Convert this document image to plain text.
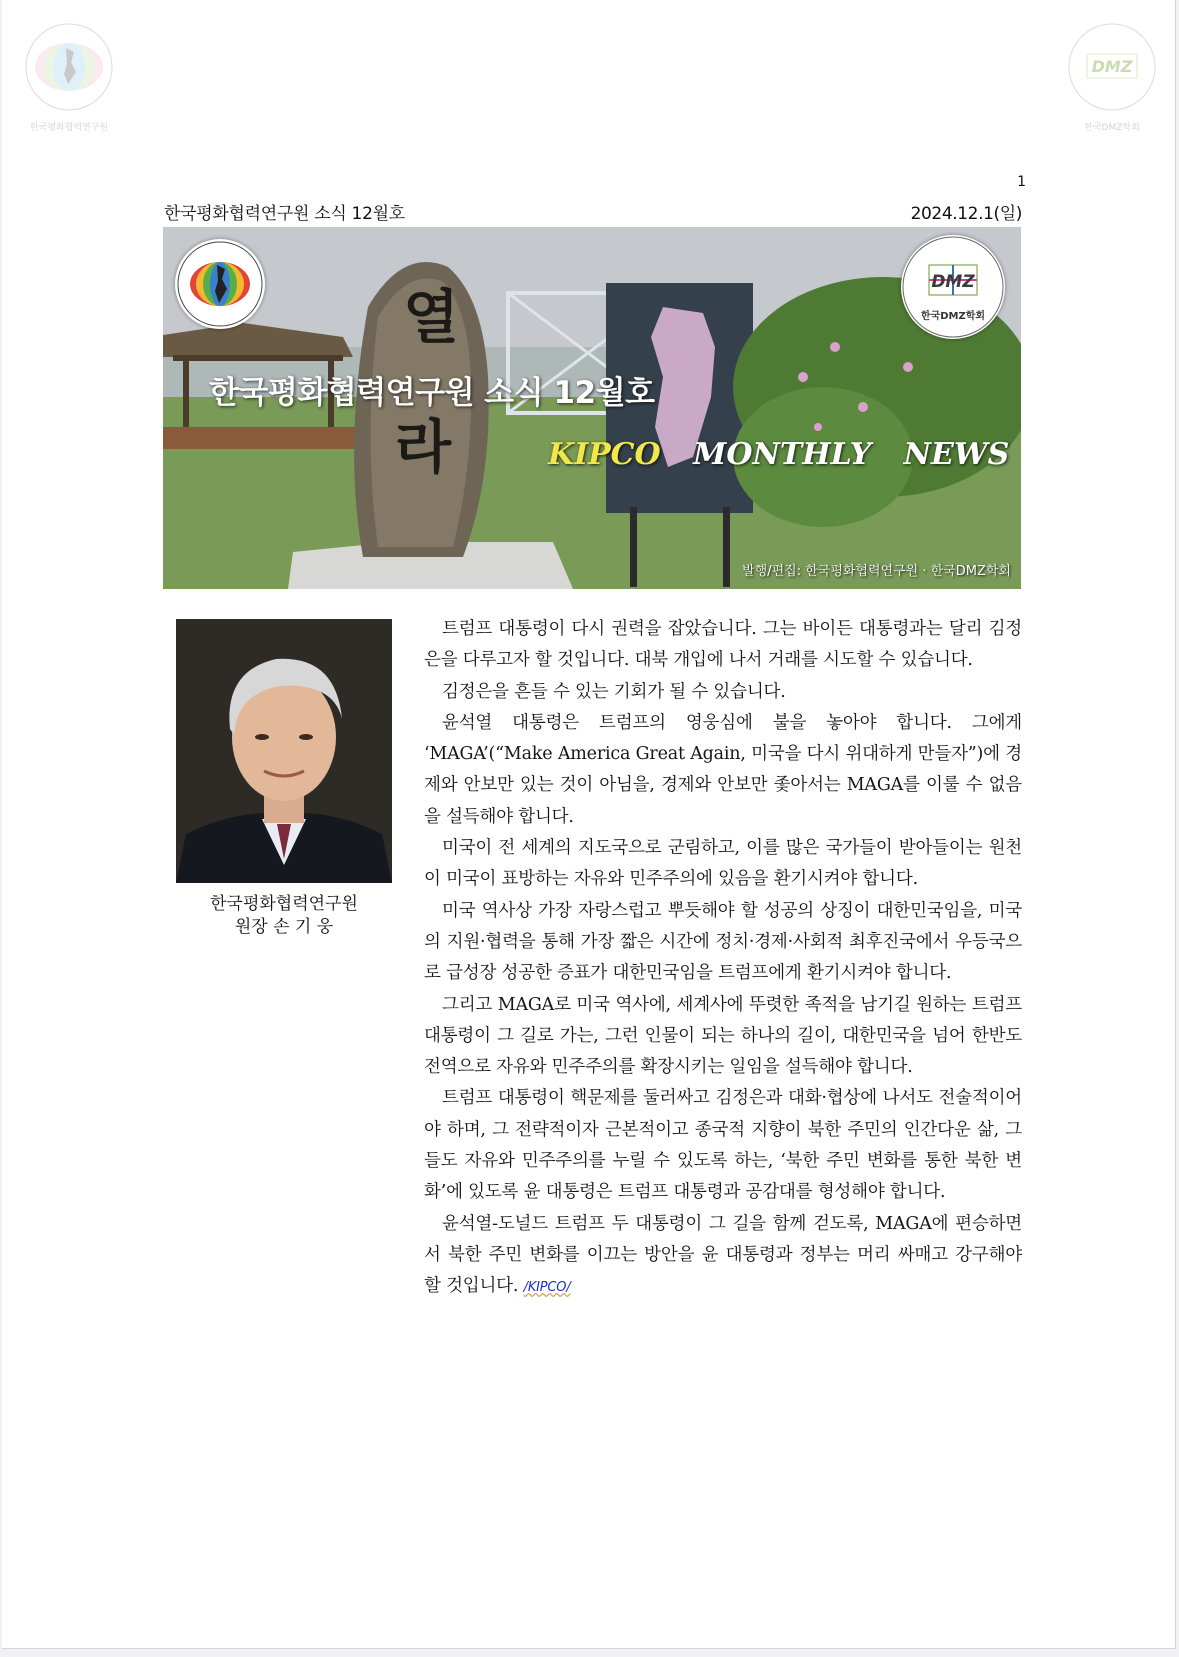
한국평화협력연구원
DMZ
한국DMZ학회
1
한국평화협력연구원 소식 12월호	2024.12.1(일)
열
라
DMZ
한국DMZ학회
한국평화협력연구원 소식 12월호
KIPCO MONTHLY NEWS
발행/편집: 한국평화협력연구원 · 한국DMZ학회
한국평화협력연구원
원장 손 기 웅

트럼프 대통령이 다시 권력을 잡았습니다. 그는 바이든 대통령과는 달리 김정은을 다루고자 할 것입니다. 대북 개입에 나서 거래를 시도할 수 있습니다.

김정은을 흔들 수 있는 기회가 될 수 있습니다.

윤석열 대통령은 트럼프의 영웅심에 불을 놓아야 합니다. 그에게 ‘MAGA’(“Make America Great Again, 미국을 다시 위대하게 만들자”)에 경제와 안보만 있는 것이 아님을, 경제와 안보만 좇아서는 MAGA를 이룰 수 없음을 설득해야 합니다.

미국이 전 세계의 지도국으로 군림하고, 이를 많은 국가들이 받아들이는 원천이 미국이 표방하는 자유와 민주주의에 있음을 환기시켜야 합니다.

미국 역사상 가장 자랑스럽고 뿌듯해야 할 성공의 상징이 대한민국임을, 미국의 지원·협력을 통해 가장 짧은 시간에 정치·경제·사회적 최후진국에서 우등국으로 급성장 성공한 증표가 대한민국임을 트럼프에게 환기시켜야 합니다.

그리고 MAGA로 미국 역사에, 세계사에 뚜렷한 족적을 남기길 원하는 트럼프 대통령이 그 길로 가는, 그런 인물이 되는 하나의 길이, 대한민국을 넘어 한반도 전역으로 자유와 민주주의를 확장시키는 일임을 설득해야 합니다.

트럼프 대통령이 핵문제를 둘러싸고 김정은과 대화·협상에 나서도 전술적이어야 하며, 그 전략적이자 근본적이고 종국적 지향이 북한 주민의 인간다운 삶, 그들도 자유와 민주주의를 누릴 수 있도록 하는, ‘북한 주민 변화를 통한 북한 변화’에 있도록 윤 대통령은 트럼프 대통령과 공감대를 형성해야 합니다.

윤석열-도널드 트럼프 두 대통령이 그 길을 함께 걷도록, MAGA에 편승하면서 북한 주민 변화를 이끄는 방안을 윤 대통령과 정부는 머리 싸매고 강구해야 할 것입니다. /KIPCO/
